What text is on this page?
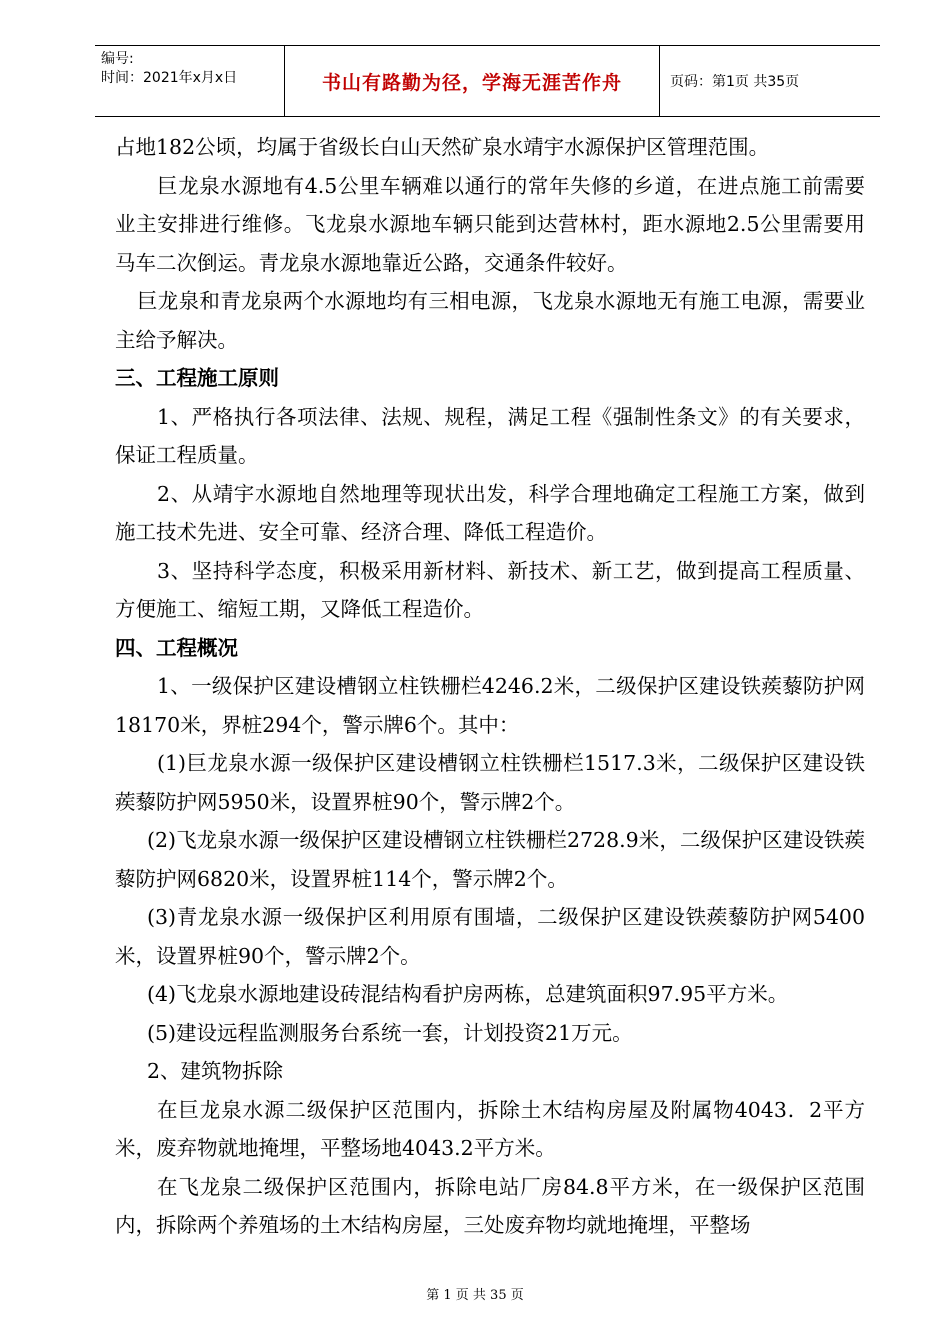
编号:
时间：2021年x月x日	书山有路勤为径，学海无涯苦作舟	页码：第1页 共35页

占地182公顷，均属于省级长白山天然矿泉水靖宇水源保护区管理范围。

巨龙泉水源地有4.5公里车辆难以通行的常年失修的乡道，在进点施工前需要业主安排进行维修。飞龙泉水源地车辆只能到达营林村，距水源地2.5公里需要用马车二次倒运。青龙泉水源地靠近公路，交通条件较好。

巨龙泉和青龙泉两个水源地均有三相电源，飞龙泉水源地无有施工电源，需要业主给予解决。

三、工程施工原则

1、严格执行各项法律、法规、规程，满足工程《强制性条文》的有关要求，保证工程质量。

2、从靖宇水源地自然地理等现状出发，科学合理地确定工程施工方案，做到施工技术先进、安全可靠、经济合理、降低工程造价。

3、坚持科学态度，积极采用新材料、新技术、新工艺，做到提高工程质量、方便施工、缩短工期，又降低工程造价。

四、工程概况

1、一级保护区建设槽钢立柱铁栅栏4246.2米，二级保护区建设铁蒺藜防护网18170米，界桩294个，警示牌6个。其中：

(1)巨龙泉水源一级保护区建设槽钢立柱铁栅栏1517.3米，二级保护区建设铁蒺藜防护网5950米，设置界桩90个，警示牌2个。

(2)飞龙泉水源一级保护区建设槽钢立柱铁栅栏2728.9米，二级保护区建设铁蒺藜防护网6820米，设置界桩114个，警示牌2个。

(3)青龙泉水源一级保护区利用原有围墙，二级保护区建设铁蒺藜防护网5400米，设置界桩90个，警示牌2个。

(4)飞龙泉水源地建设砖混结构看护房两栋，总建筑面积97.95平方米。

(5)建设远程监测服务台系统一套，计划投资21万元。

2、建筑物拆除

在巨龙泉水源二级保护区范围内，拆除土木结构房屋及附属物4043．2平方米，废弃物就地掩埋，平整场地4043.2平方米。

在飞龙泉二级保护区范围内，拆除电站厂房84.8平方米，在一级保护区范围内，拆除两个养殖场的土木结构房屋，三处废弃物均就地掩埋，平整场

第 1 页 共 35 页
